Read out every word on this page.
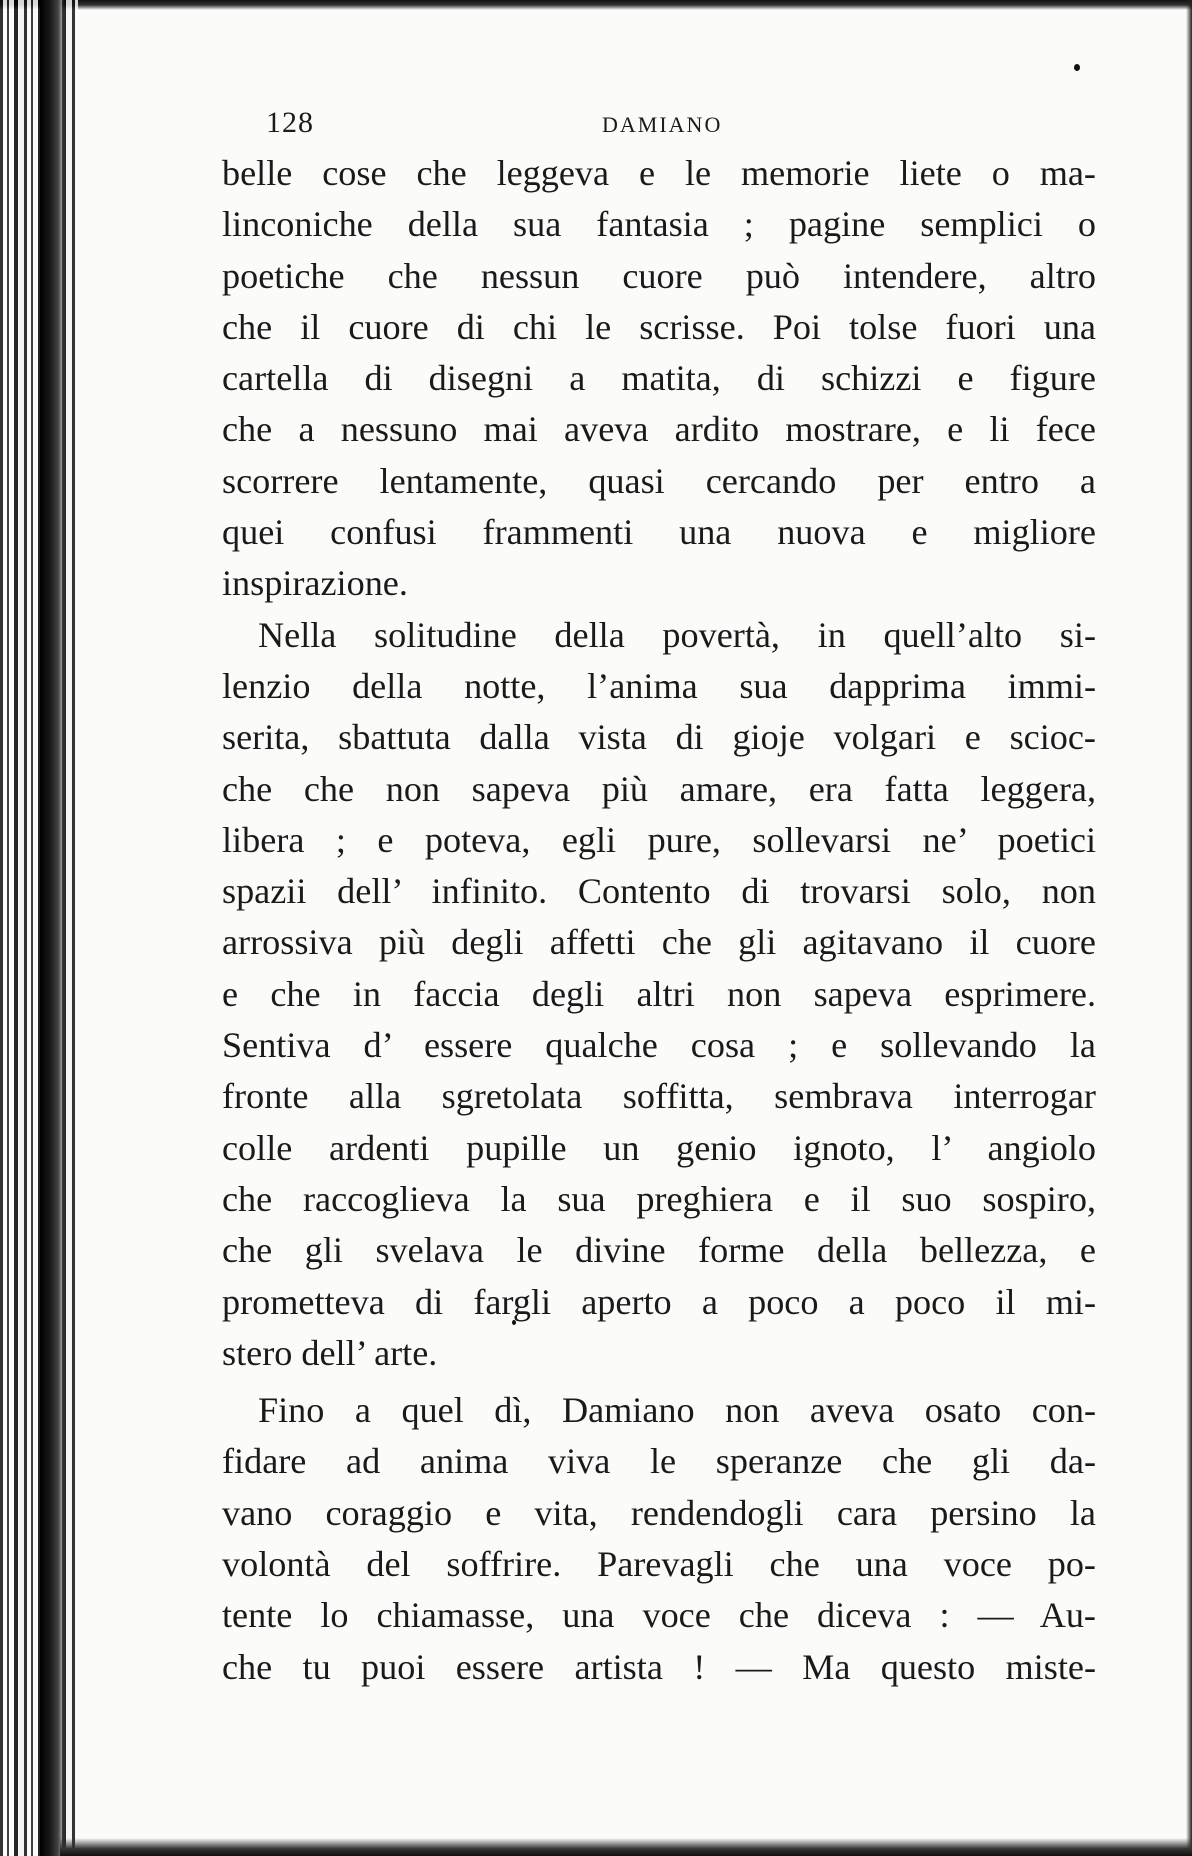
128	DAMIANO
belle cose che leggeva e le memorie liete o ma-
linconiche della sua fantasia ; pagine semplici o
poetiche che nessun cuore può intendere, altro
che il cuore di chi le scrisse. Poi tolse fuori una
cartella di disegni a matita, di schizzi e figure
che a nessuno mai aveva ardito mostrare, e li fece
scorrere lentamente, quasi cercando per entro a
quei confusi frammenti una nuova e migliore
inspirazione.
Nella solitudine della povertà, in quell’alto si-
lenzio della notte, l’anima sua dapprima immi-
serita, sbattuta dalla vista di gioje volgari e scioc-
che che non sapeva più amare, era fatta leggera,
libera ; e poteva, egli pure, sollevarsi ne’ poetici
spazii dell’ infinito. Contento di trovarsi solo, non
arrossiva più degli affetti che gli agitavano il cuore
e che in faccia degli altri non sapeva esprimere.
Sentiva d’ essere qualche cosa ; e sollevando la
fronte alla sgretolata soffitta, sembrava interrogar
colle ardenti pupille un genio ignoto, l’ angiolo
che raccoglieva la sua preghiera e il suo sospiro,
che gli svelava le divine forme della bellezza, e
prometteva di fargli aperto a poco a poco il mi-
stero dell’ arte.
Fino a quel dì, Damiano non aveva osato con-
fidare ad anima viva le speranze che gli da-
vano coraggio e vita, rendendogli cara persino la
volontà del soffrire. Parevagli che una voce po-
tente lo chiamasse, una voce che diceva : — Au-
che tu puoi essere artista ! — Ma questo miste-
